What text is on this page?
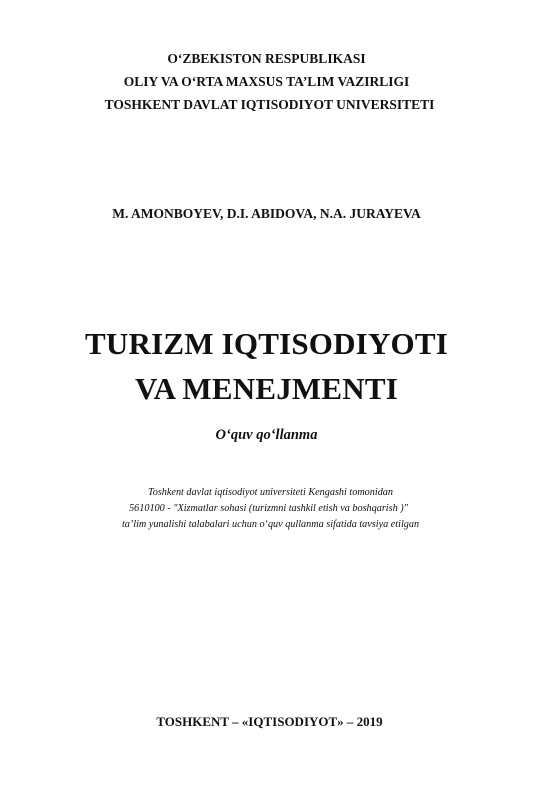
O‘ZBEKISTON RESPUBLIKASI
OLIY VA O‘RTA MAXSUS TA’LIM VAZIRLIGI
TOSHKENT DAVLAT IQTISODIYOT UNIVERSITETI
M. AMONBOYEV, D.I. ABIDOVA, N.A. JURAYEVA
TURIZM IQTISODIYOTI
VA MENEJMENTI
O‘quv qo‘llanma
Toshkent davlat iqtisodiyot universiteti Kengashi tomonidan
5610100 - "Xizmatlar sohasi (turizmni tashkil etish va boshqarish )"
ta’lim yunalishi talabalari uchun o‘quv qullanma sifatida tavsiya etilgan
TOSHKENT – «IQTISODIYOT» – 2019
